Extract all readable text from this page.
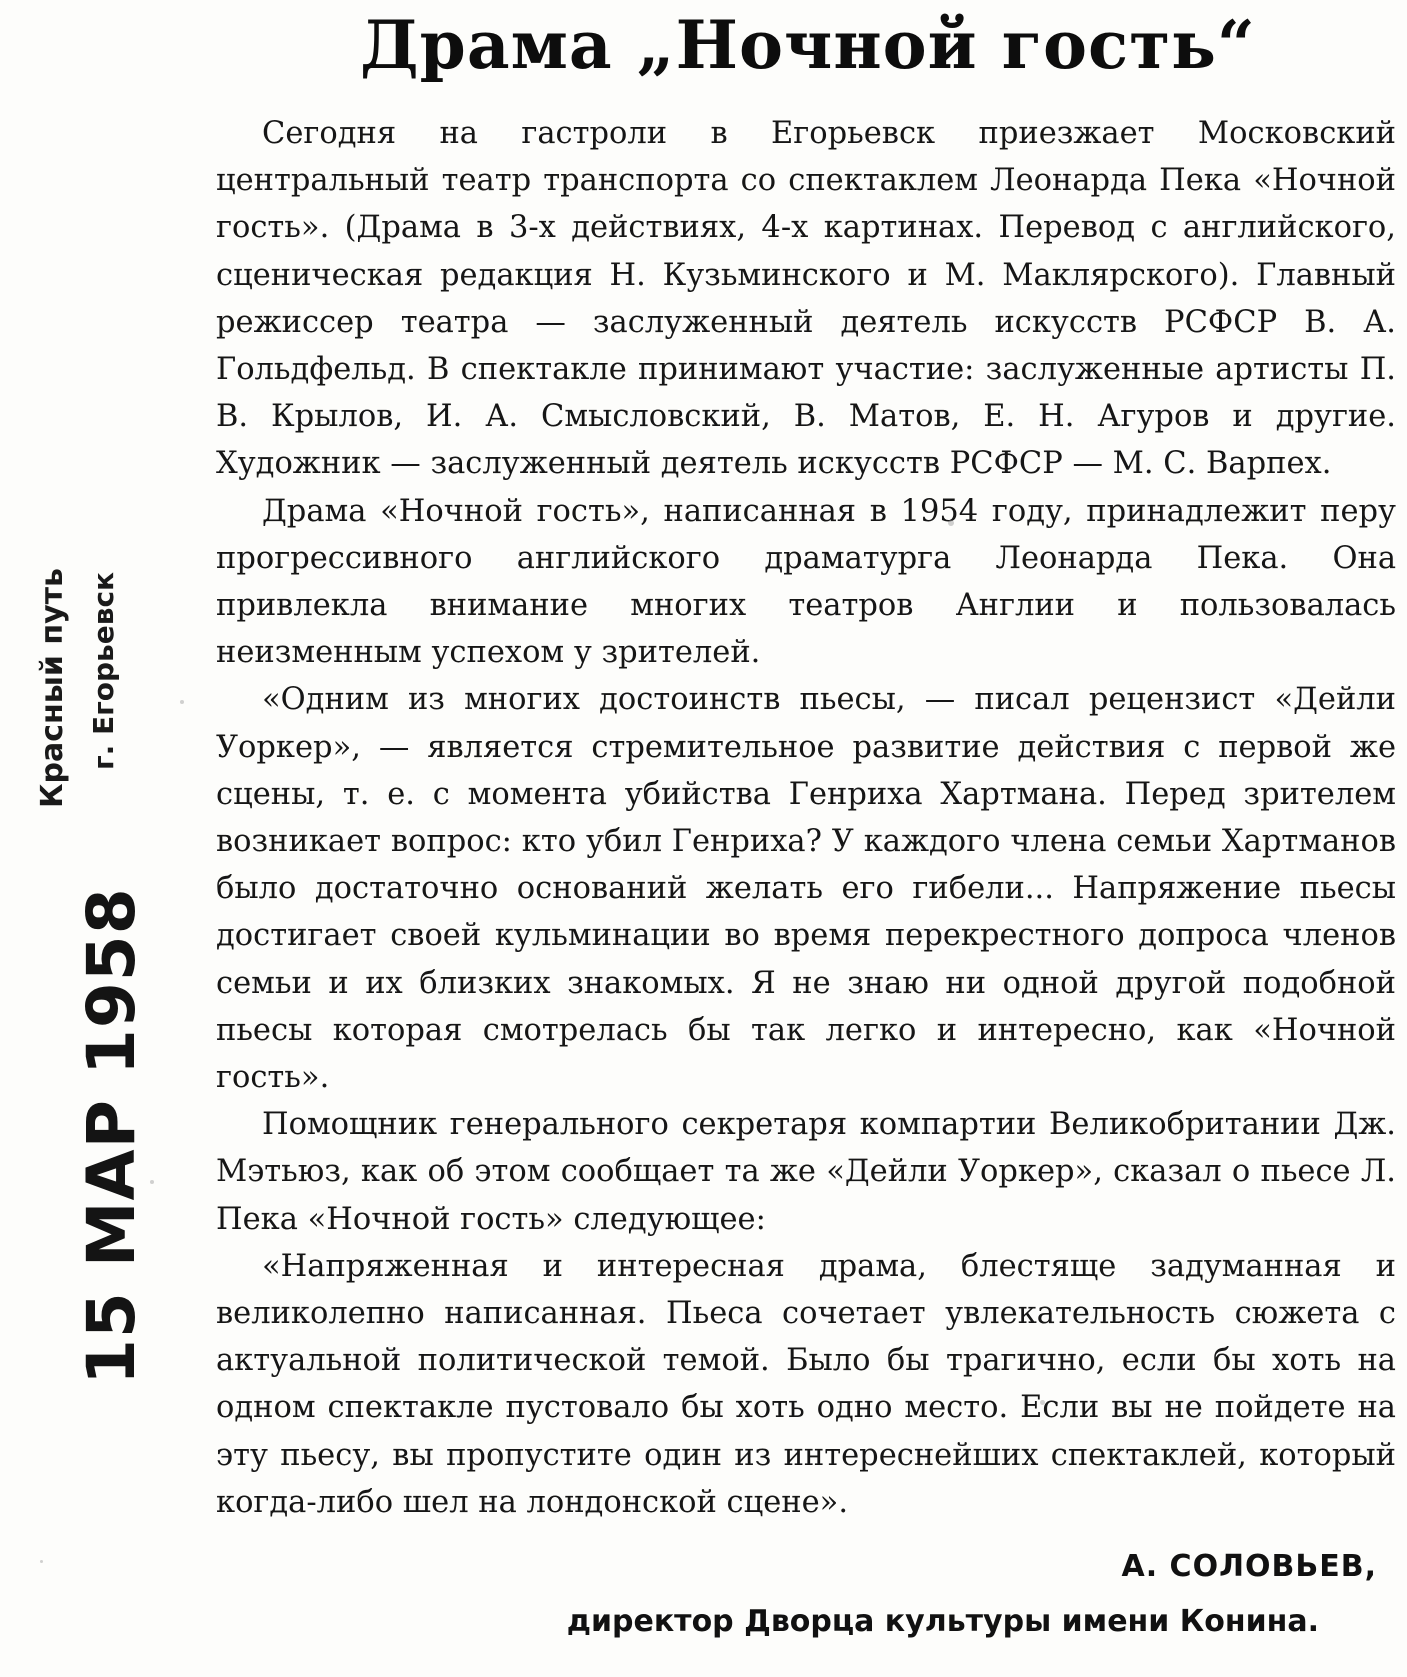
Драма „Ночной гость“

Сегодня на гастроли в Егорьевск приезжает Московский центральный театр транспорта со спектаклем Леонарда Пека «Ночной гость». (Драма в 3-х действиях, 4-х картинах. Перевод с английского, сценическая редакция Н. Кузьминского и М. Маклярского). Главный режиссер театра — заслуженный деятель искусств РСФСР В. А. Гольдфельд. В спектакле принимают участие: заслуженные артисты П. В. Крылов, И. А. Смысловский, В. Матов, Е. Н. Агуров и другие. Художник — заслуженный деятель искусств РСФСР — М. С. Варпех.

Драма «Ночной гость», написанная в 1954 году, принадлежит перу прогрессивного английского драматурга Леонарда Пека. Она привлекла внимание многих театров Англии и пользовалась неизменным успехом у зрителей.

«Одним из многих достоинств пьесы, — писал рецензист «Дейли Уоркер», — является стремительное развитие действия с первой же сцены, т. е. с момента убийства Генриха Хартмана. Перед зрителем возникает вопрос: кто убил Генриха? У каждого члена семьи Хартманов было достаточно оснований желать его гибели... Напряжение пьесы достигает своей кульминации во время перекрестного допроса членов семьи и их близких знакомых. Я не знаю ни одной другой подобной пьесы которая смотрелась бы так легко и интересно, как «Ночной гость».

Помощник генерального секретаря компартии Великобритании Дж. Мэтьюз, как об этом сообщает та же «Дейли Уоркер», сказал о пьесе Л. Пека «Ночной гость» следующее:

«Напряженная и интересная драма, блестяще задуманная и великолепно написанная. Пьеса сочетает увлекательность сюжета с актуальной политической темой. Было бы трагично, если бы хоть на одном спектакле пустовало бы хоть одно место. Если вы не пойдете на эту пьесу, вы пропустите один из интереснейших спектаклей, который когда-либо шел на лондонской сцене».

А. СОЛОВЬЕВ,
директор Дворца культуры имени Конина.
Красный путь г. Егорьевск
15 МАР 1958
